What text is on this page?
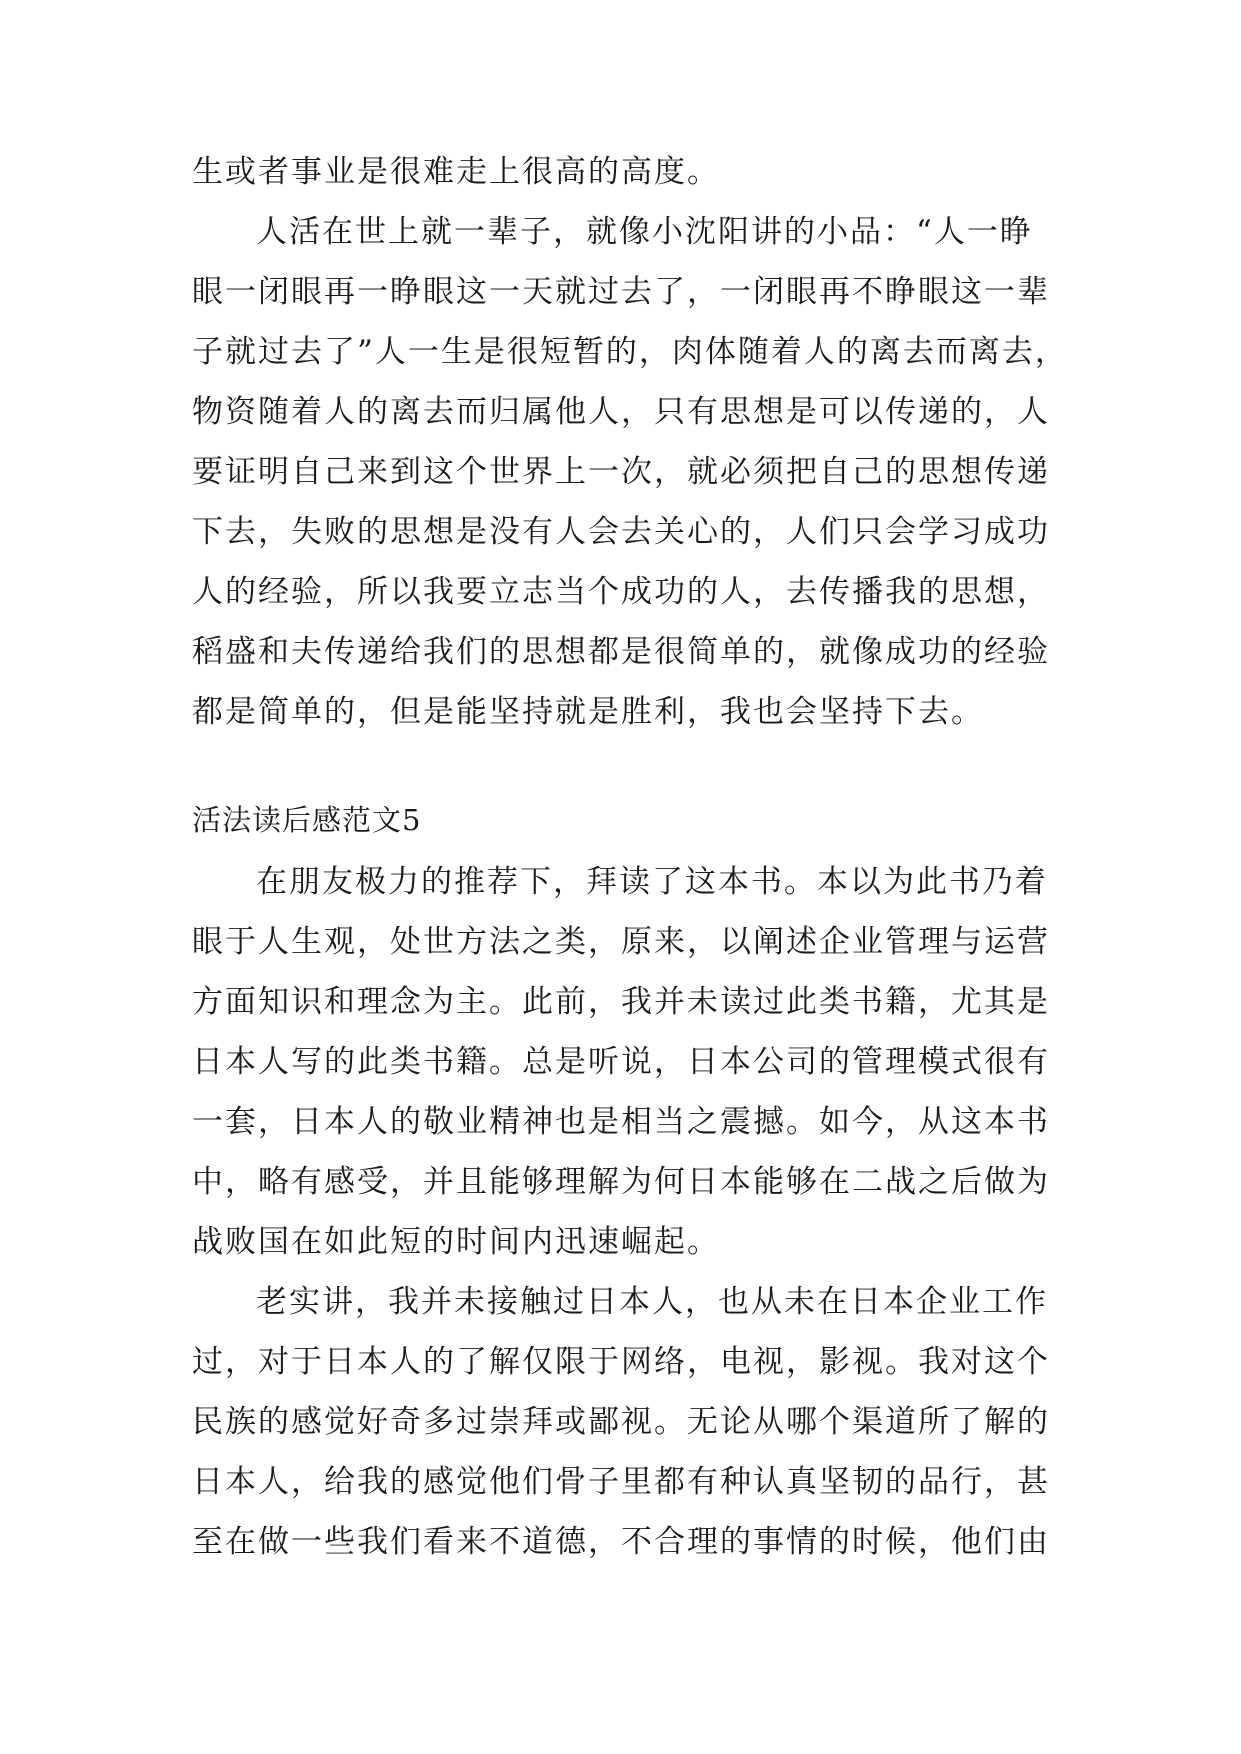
生或者事业是很难走上很高的高度。
人活在世上就一辈子，就像小沈阳讲的小品：“人一睁
眼一闭眼再一睁眼这一天就过去了，一闭眼再不睁眼这一辈
子就过去了”人一生是很短暂的，肉体随着人的离去而离去，
物资随着人的离去而归属他人，只有思想是可以传递的，人
要证明自己来到这个世界上一次，就必须把自己的思想传递
下去，失败的思想是没有人会去关心的，人们只会学习成功
人的经验，所以我要立志当个成功的人，去传播我的思想，
稻盛和夫传递给我们的思想都是很简单的，就像成功的经验
都是简单的，但是能坚持就是胜利，我也会坚持下去。
活法读后感范文5
在朋友极力的推荐下，拜读了这本书。本以为此书乃着
眼于人生观，处世方法之类，原来，以阐述企业管理与运营
方面知识和理念为主。此前，我并未读过此类书籍，尤其是
日本人写的此类书籍。总是听说，日本公司的管理模式很有
一套，日本人的敬业精神也是相当之震撼。如今，从这本书
中，略有感受，并且能够理解为何日本能够在二战之后做为
战败国在如此短的时间内迅速崛起。
老实讲，我并未接触过日本人，也从未在日本企业工作
过，对于日本人的了解仅限于网络，电视，影视。我对这个
民族的感觉好奇多过崇拜或鄙视。无论从哪个渠道所了解的
日本人，给我的感觉他们骨子里都有种认真坚韧的品行，甚
至在做一些我们看来不道德，不合理的事情的时候，他们由
